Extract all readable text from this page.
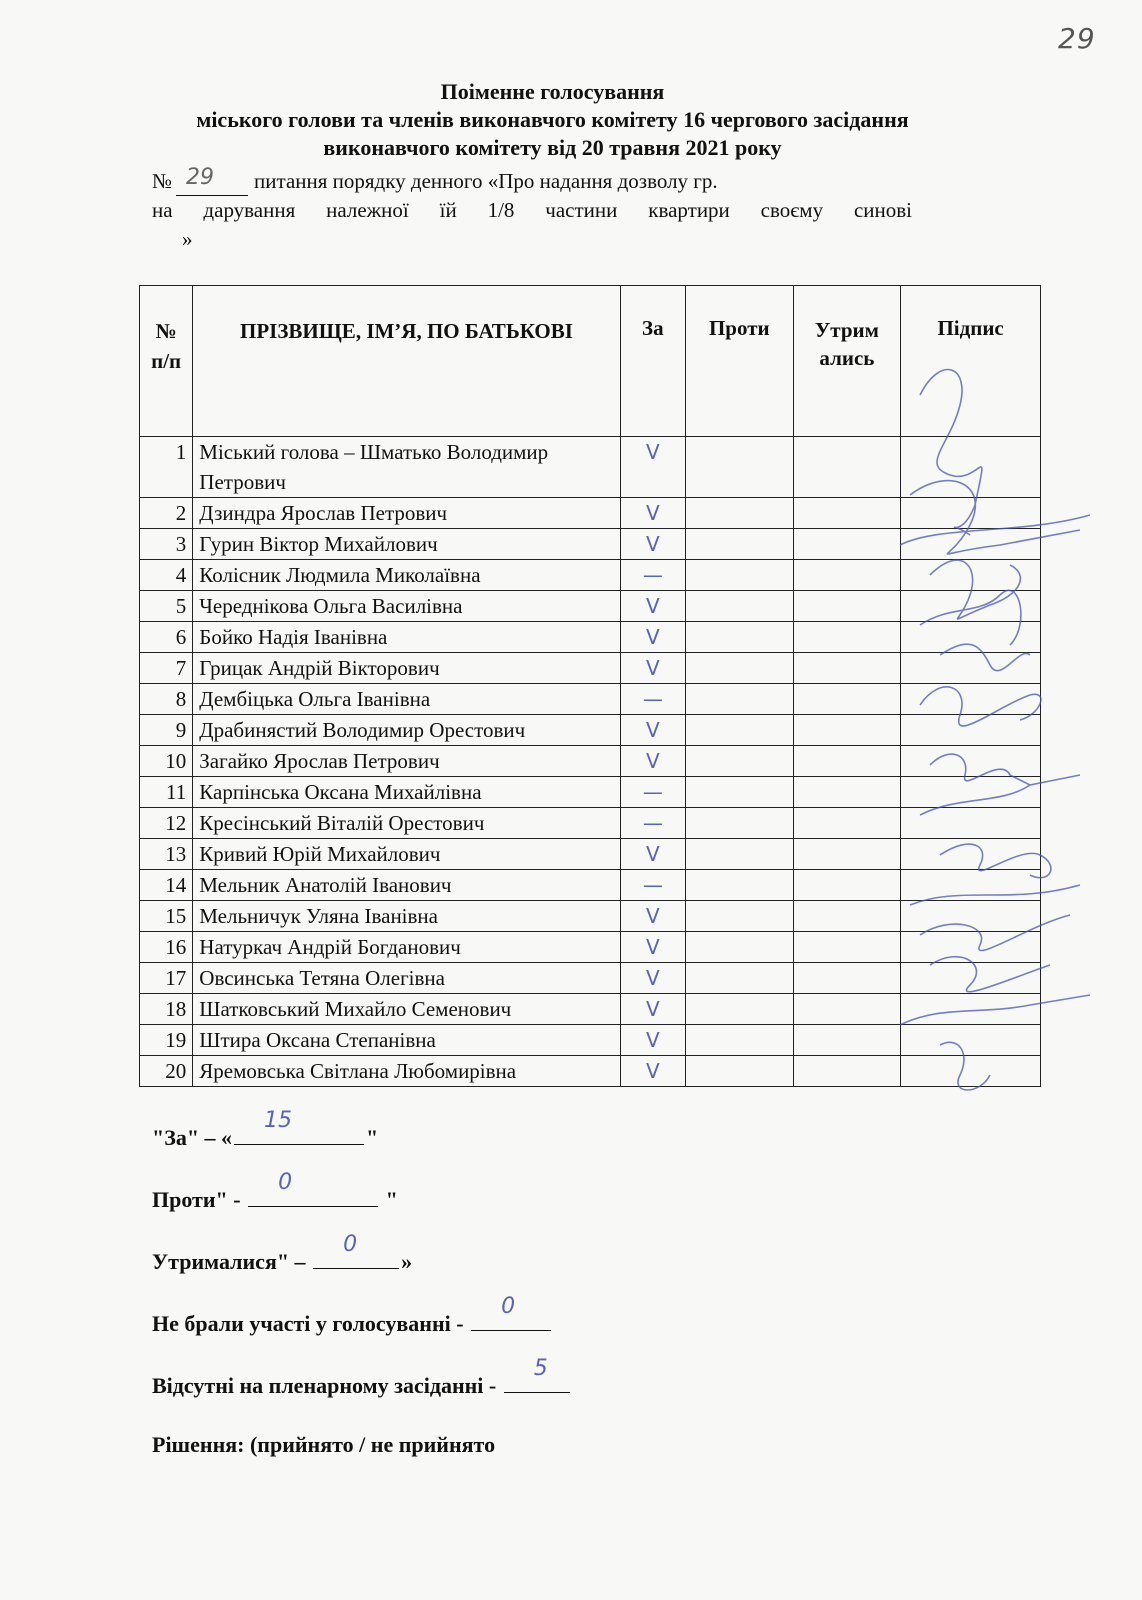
29
Поіменне голосування
міського голови та членів виконавчого комітету 16 чергового засідання
виконавчого комітету від 20 травня 2021 року
№ 29 питання порядку денного «Про надання дозволу гр.
на дарування належної їй 1/8 частини квартири своєму синові
»
№ п/п	ПРІЗВИЩЕ, ІМ’Я, ПО БАТЬКОВІ	За	Проти	Утрим ались	Підпис
1	Міський голова – Шматько Володимир Петрович	V			
2	Дзиндра Ярослав Петрович	V			
3	Гурин Віктор Михайлович	V			
4	Колісник Людмила Миколаївна	—			
5	Череднікова Ольга Василівна	V			
6	Бойко Надія Іванівна	V			
7	Грицак Андрій Вікторович	V			
8	Дембіцька Ольга Іванівна	—			
9	Драбинястий Володимир Орестович	V			
10	Загайко Ярослав Петрович	V			
11	Карпінська Оксана Михайлівна	—			
12	Кресінський Віталій Орестович	—			
13	Кривий Юрій Михайлович	V			
14	Мельник Анатолій Іванович	—			
15	Мельничук Уляна Іванівна	V			
16	Натуркач Андрій Богданович	V			
17	Овсинська Тетяна Олегівна	V			
18	Шатковський Михайло Семенович	V			
19	Штира Оксана Степанівна	V			
20	Яремовська Світлана Любомирівна	V			
"За" – «
15
"
Проти" -
0
"
Утрималися" –
0
»
Не брали участі у голосуванні -
0
Відсутні на пленарному засіданні -
5
Рішення: (прийнято / не прийнято
